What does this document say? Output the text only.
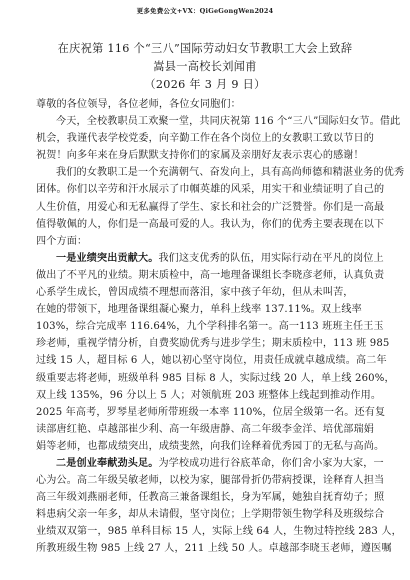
更多免费公文+VX：QiGeGongWen2024
在庆祝第 116 个“三八”国际劳动妇女节教职工大会上致辞
嵩县一高校长刘闻甫
（2026 年 3 月 9 日）
尊敬的各位领导，各位老师，各位女同胞们：
今天，全校教职员工欢聚一堂，共同庆祝第 116 个“三八”国际妇女节。借此
机会，我谨代表学校党委，向辛勤工作在各个岗位上的女教职工致以节日的
祝贺！向多年来在身后默默支持你们的家属及亲朋好友表示衷心的感谢！
我们的女教职工是一个充满朝气、奋发向上，具有高尚师德和精湛业务的优秀
团体。你们以辛劳和汗水展示了巾帼英雄的风采，用实干和业绩证明了自己的
人生价值，用爱心和无私赢得了学生、家长和社会的广泛赞誉。你们是一高最
值得敬佩的人，你们是一高最可爱的人。我认为，你们的优秀主要表现在以下
四个方面：
一是业绩突出贡献大。我们这支优秀的队伍，用实际行动在平凡的岗位上
做出了不平凡的业绩。期末质检中，高一地理备课组长李晓彦老师，认真负责
心系学生成长，曾因成绩不理想而落泪，家中孩子年幼，但从未叫苦，
在她的带领下，地理备课组凝心聚力，单科上线率 137.11%。双上线率
103%，综合完成率 116.64%，九个学科排名第一。高一113 班班主任王玉
珍老师，重视学情分析，自费奖励优秀与进步学生；期末质检中，113 班 985
过线 15 人，超目标 6 人，她以初心坚守岗位，用责任成就卓越成绩。高二年
级重要志将老师，班级单科 985 目标 8 人，实际过线 20 人，单上线 260%，
双上线 135%，96 分以上 5 人；对领航班 203 班整体上线起到推动作用。
2025 年高考，罗琴星老师所带班级一本率 110%，位居全级第一名。还有复
读部唐红艳、卓越部崔少利、高一年级唐静、高二年级李金洋、培优部瑞娟
娟等老师，也都成绩突出，成绩斐然，向我们诠释着优秀园丁的无私与高尚。
二是创业奉献劲头足。为学校成功进行谷底革命，你们舍小家为大家，一
心为公。高二年级吴敏老师，以校为家，腿部骨折仍带病授课，诠释育人担当
高三年级刘燕丽老师，任教高三兼备课组长，身为军属，她独自抚育幼子；照
料患病父亲一年多，却从未请假，坚守岗位；上学期带领生物学科及班级综合
业绩双双第一，985 单科目标 15 人，实际上线 64 人，生物过特控线 283 人，
所教班级生物 985 上线 27 人，211 上线 50 人。卓越部李晓玉老师，遵医嘱
